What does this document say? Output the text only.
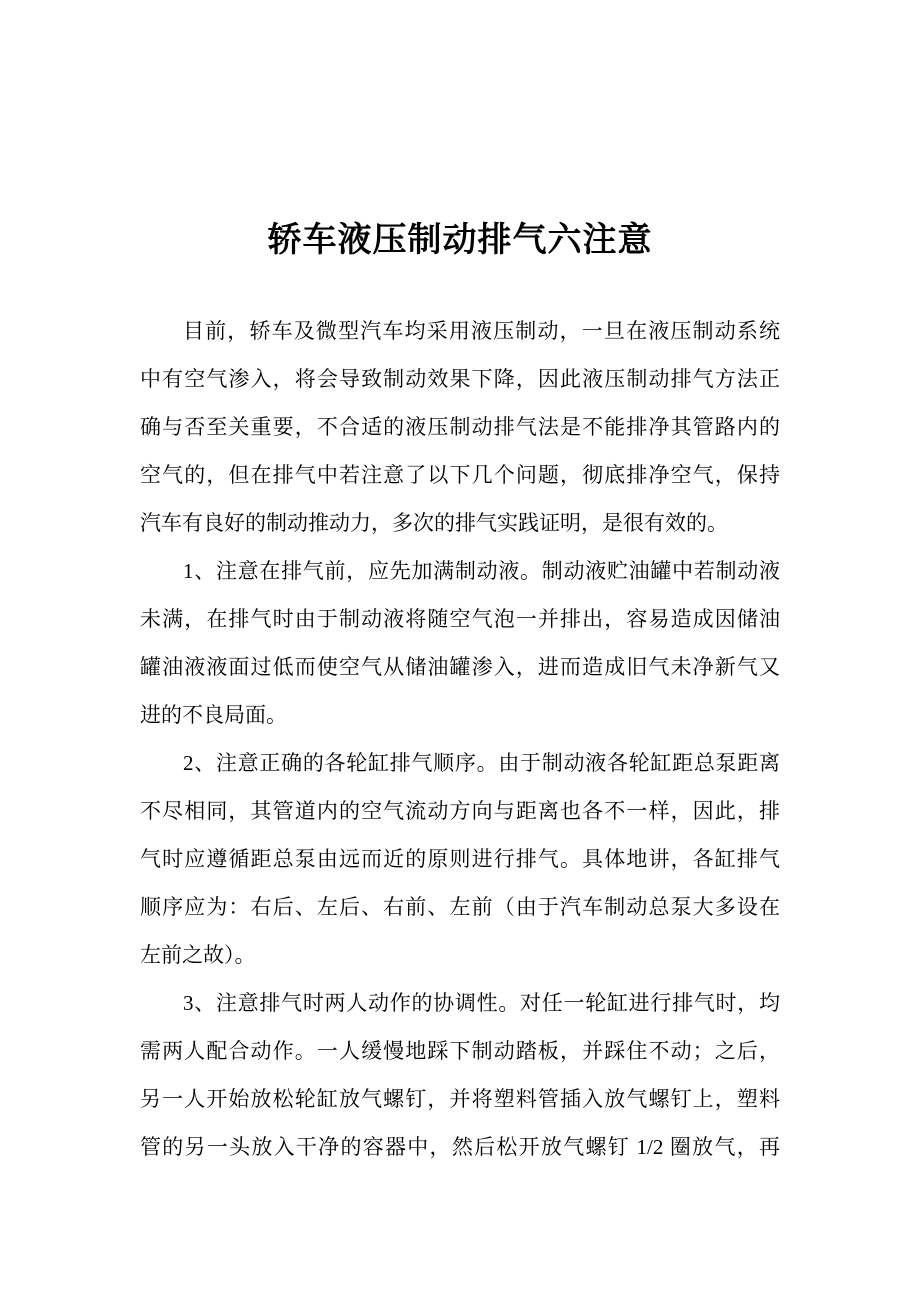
轿车液压制动排气六注意
目前，轿车及微型汽车均采用液压制动，一旦在液压制动系统
中有空气渗入，将会导致制动效果下降，因此液压制动排气方法正
确与否至关重要，不合适的液压制动排气法是不能排净其管路内的
空气的，但在排气中若注意了以下几个问题，彻底排净空气，保持
汽车有良好的制动推动力，多次的排气实践证明，是很有效的。
1、注意在排气前，应先加满制动液。制动液贮油罐中若制动液
未满，在排气时由于制动液将随空气泡一并排出，容易造成因储油
罐油液液面过低而使空气从储油罐渗入，进而造成旧气未净新气又
进的不良局面。
2、注意正确的各轮缸排气顺序。由于制动液各轮缸距总泵距离
不尽相同，其管道内的空气流动方向与距离也各不一样，因此，排
气时应遵循距总泵由远而近的原则进行排气。具体地讲，各缸排气
顺序应为：右后、左后、右前、左前（由于汽车制动总泵大多设在
左前之故）。
3、注意排气时两人动作的协调性。对任一轮缸进行排气时，均
需两人配合动作。一人缓慢地踩下制动踏板，并踩住不动；之后，
另一人开始放松轮缸放气螺钉，并将塑料管插入放气螺钉上，塑料
管的另一头放入干净的容器中，然后松开放气螺钉 1/2 圈放气，再
